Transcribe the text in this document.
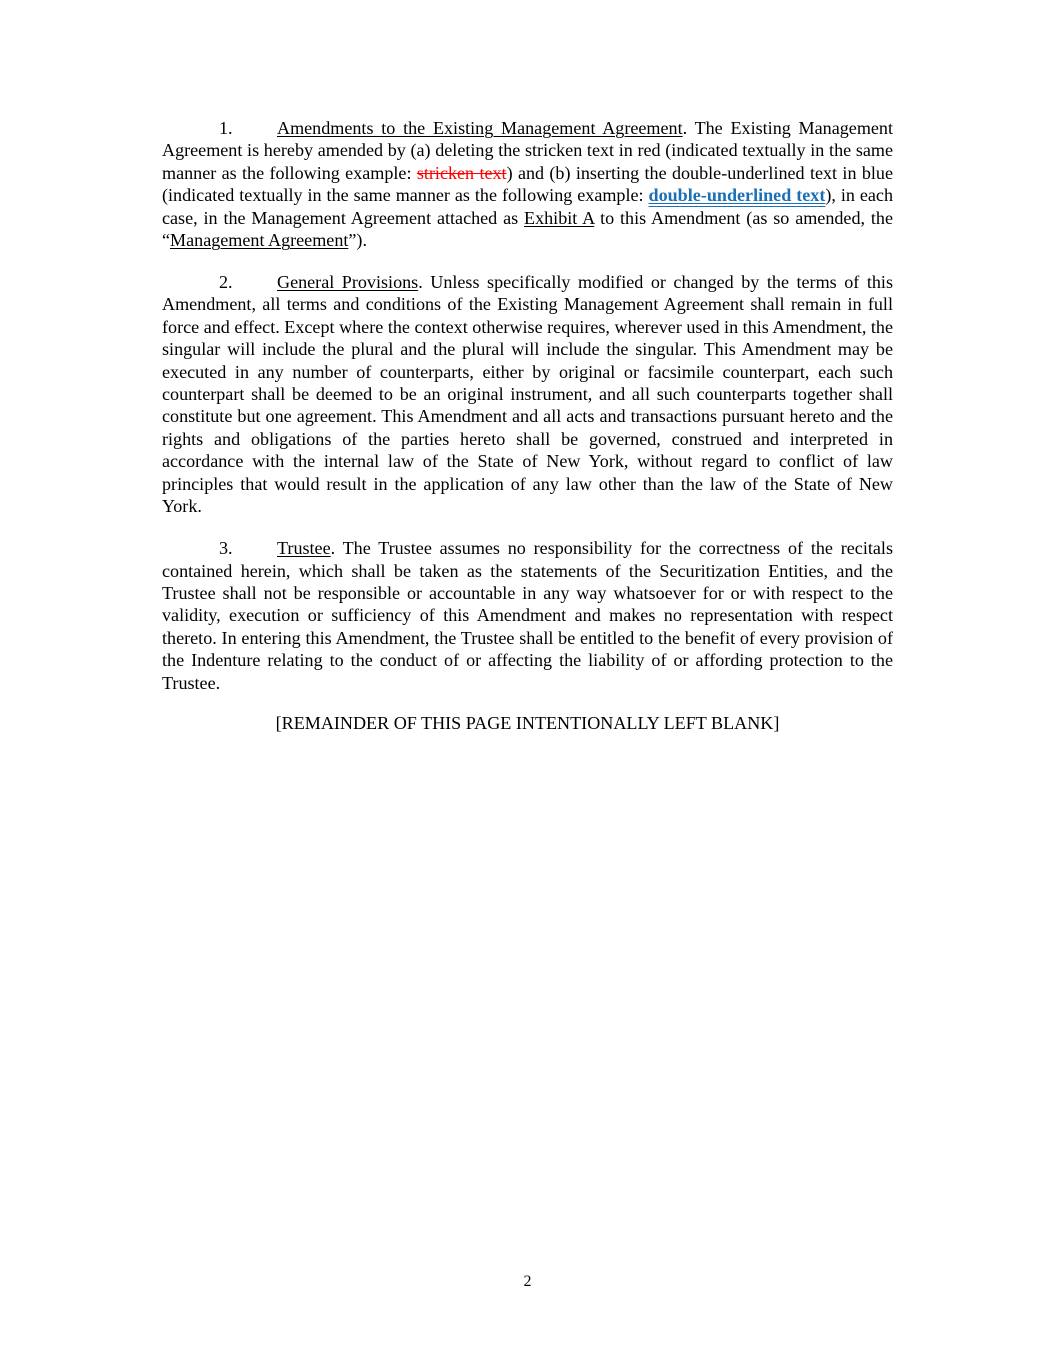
1. Amendments to the Existing Management Agreement. The Existing Management Agreement is hereby amended by (a) deleting the stricken text in red (indicated textually in the same manner as the following example: stricken text) and (b) inserting the double-underlined text in blue (indicated textually in the same manner as the following example: double-underlined text), in each case, in the Management Agreement attached as Exhibit A to this Amendment (as so amended, the “Management Agreement”).

2. General Provisions. Unless specifically modified or changed by the terms of this Amendment, all terms and conditions of the Existing Management Agreement shall remain in full force and effect. Except where the context otherwise requires, wherever used in this Amendment, the singular will include the plural and the plural will include the singular. This Amendment may be executed in any number of counterparts, either by original or facsimile counterpart, each such counterpart shall be deemed to be an original instrument, and all such counterparts together shall constitute but one agreement. This Amendment and all acts and transactions pursuant hereto and the rights and obligations of the parties hereto shall be governed, construed and interpreted in accordance with the internal law of the State of New York, without regard to conflict of law principles that would result in the application of any law other than the law of the State of New York.

3. Trustee. The Trustee assumes no responsibility for the correctness of the recitals contained herein, which shall be taken as the statements of the Securitization Entities, and the Trustee shall not be responsible or accountable in any way whatsoever for or with respect to the validity, execution or sufficiency of this Amendment and makes no representation with respect thereto. In entering this Amendment, the Trustee shall be entitled to the benefit of every provision of the Indenture relating to the conduct of or affecting the liability of or affording protection to the Trustee.

[REMAINDER OF THIS PAGE INTENTIONALLY LEFT BLANK]
2
